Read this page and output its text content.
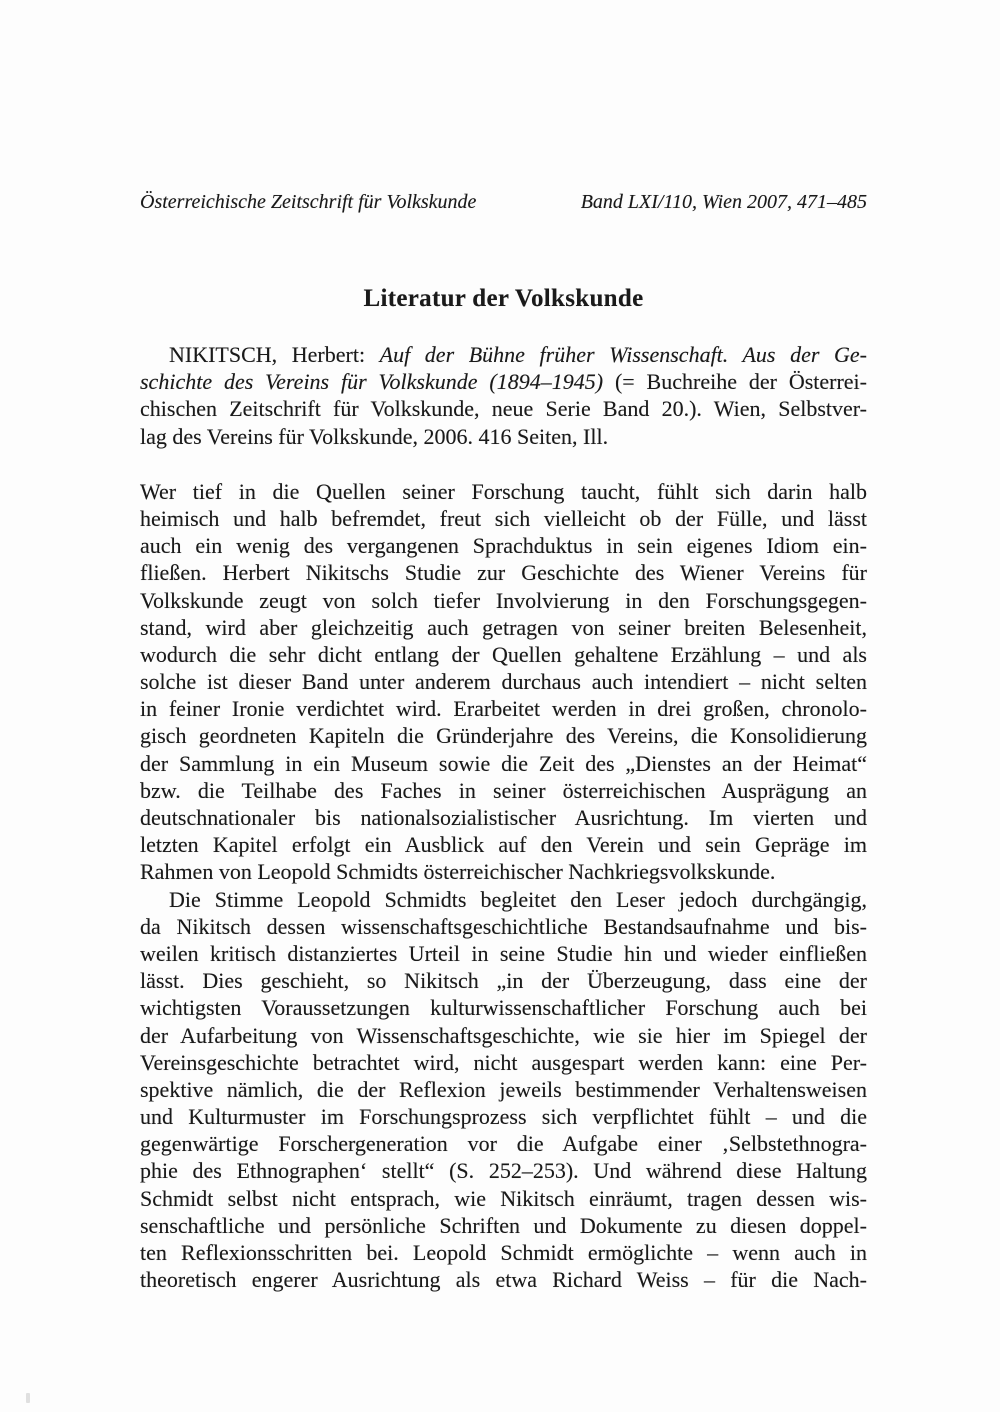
Österreichische Zeitschrift für Volkskunde	Band LXI/110, Wien 2007, 471–485
Literatur der Volkskunde
NIKITSCH, Herbert: Auf der Bühne früher Wissenschaft. Aus der Ge-
schichte des Vereins für Volkskunde (1894–1945) (= Buchreihe der Österrei-
chischen Zeitschrift für Volkskunde, neue Serie Band 20.). Wien, Selbstver-
lag des Vereins für Volkskunde, 2006. 416 Seiten, Ill.
Wer tief in die Quellen seiner Forschung taucht, fühlt sich darin halb
heimisch und halb befremdet, freut sich vielleicht ob der Fülle, und lässt
auch ein wenig des vergangenen Sprachduktus in sein eigenes Idiom ein-
fließen. Herbert Nikitschs Studie zur Geschichte des Wiener Vereins für
Volkskunde zeugt von solch tiefer Involvierung in den Forschungsgegen-
stand, wird aber gleichzeitig auch getragen von seiner breiten Belesenheit,
wodurch die sehr dicht entlang der Quellen gehaltene Erzählung – und als
solche ist dieser Band unter anderem durchaus auch intendiert – nicht selten
in feiner Ironie verdichtet wird. Erarbeitet werden in drei großen, chronolo-
gisch geordneten Kapiteln die Gründerjahre des Vereins, die Konsolidierung
der Sammlung in ein Museum sowie die Zeit des „Dienstes an der Heimat“
bzw. die Teilhabe des Faches in seiner österreichischen Ausprägung an
deutschnationaler bis nationalsozialistischer Ausrichtung. Im vierten und
letzten Kapitel erfolgt ein Ausblick auf den Verein und sein Gepräge im
Rahmen von Leopold Schmidts österreichischer Nachkriegsvolkskunde.
Die Stimme Leopold Schmidts begleitet den Leser jedoch durchgängig,
da Nikitsch dessen wissenschaftsgeschichtliche Bestandsaufnahme und bis-
weilen kritisch distanziertes Urteil in seine Studie hin und wieder einfließen
lässt. Dies geschieht, so Nikitsch „in der Überzeugung, dass eine der
wichtigsten Voraussetzungen kulturwissenschaftlicher Forschung auch bei
der Aufarbeitung von Wissenschaftsgeschichte, wie sie hier im Spiegel der
Vereinsgeschichte betrachtet wird, nicht ausgespart werden kann: eine Per-
spektive nämlich, die der Reflexion jeweils bestimmender Verhaltensweisen
und Kulturmuster im Forschungsprozess sich verpflichtet fühlt – und die
gegenwärtige Forschergeneration vor die Aufgabe einer ‚Selbstethnogra-
phie des Ethnographen‘ stellt“ (S. 252–253). Und während diese Haltung
Schmidt selbst nicht entsprach, wie Nikitsch einräumt, tragen dessen wis-
senschaftliche und persönliche Schriften und Dokumente zu diesen doppel-
ten Reflexionsschritten bei. Leopold Schmidt ermöglichte – wenn auch in
theoretisch engerer Ausrichtung als etwa Richard Weiss – für die Nach-
